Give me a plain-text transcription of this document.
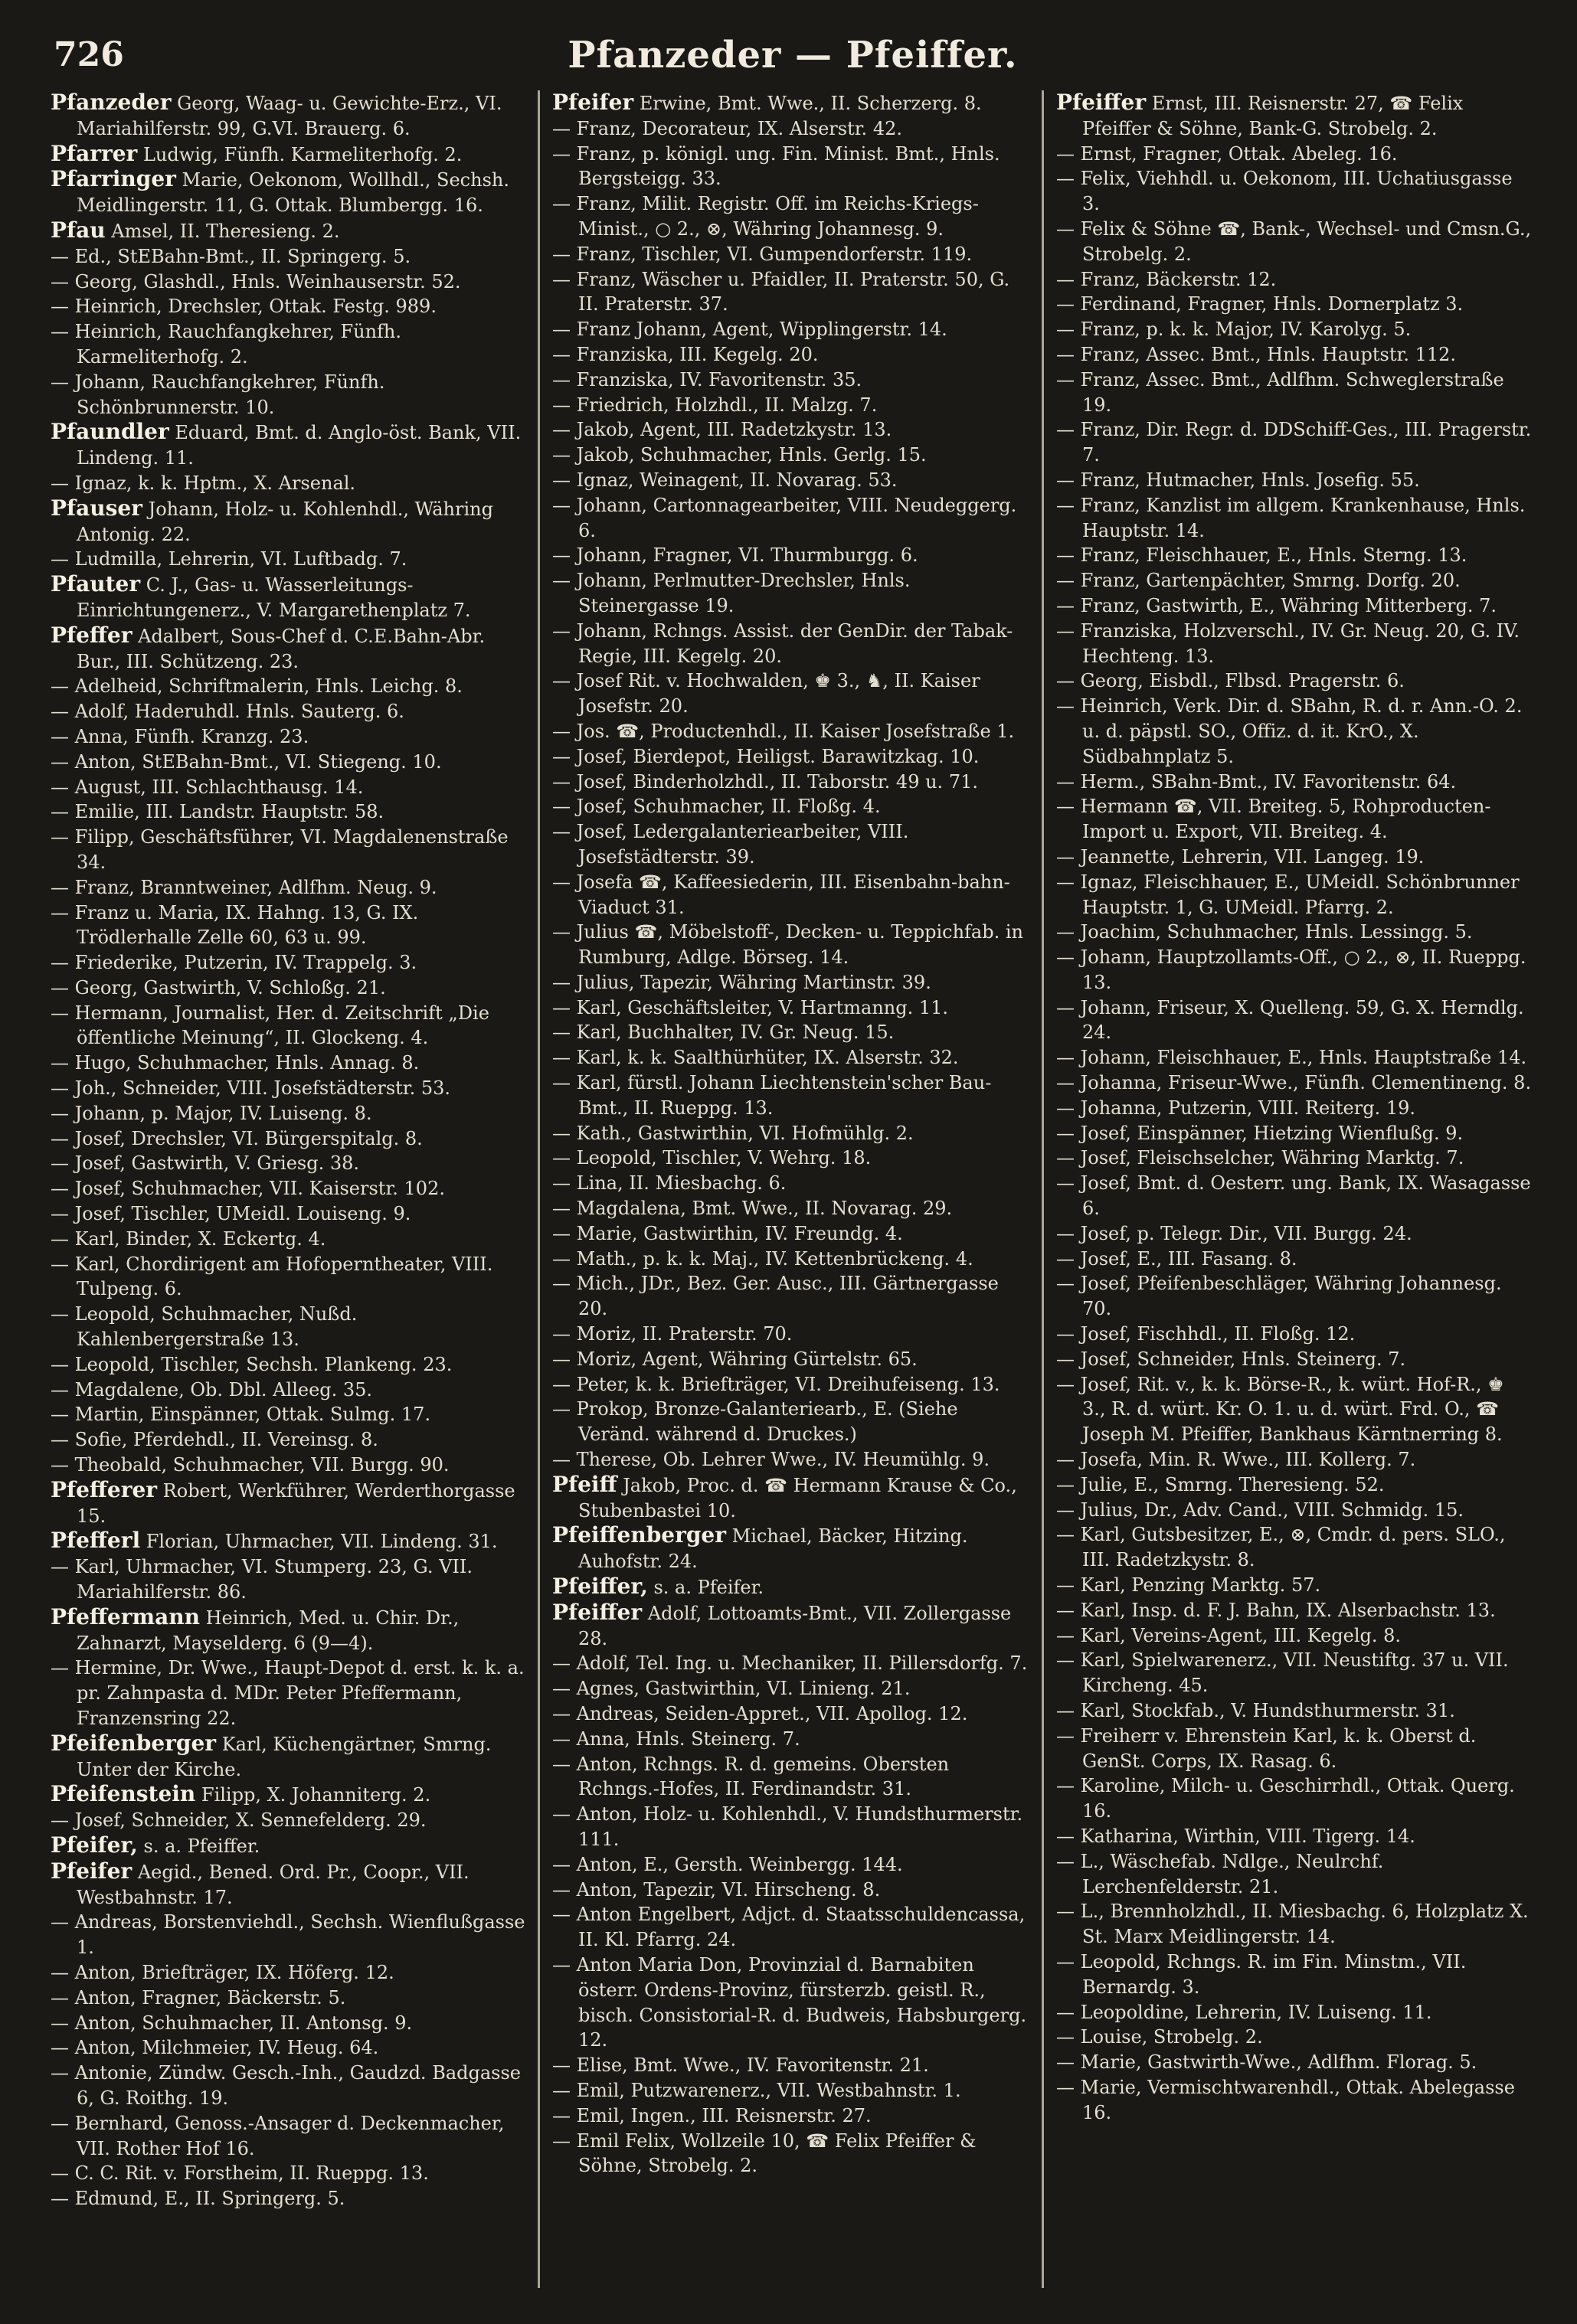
726	Pfanzeder — Pfeiffer.

Pfanzeder Georg, Waag- u. Gewichte-Erz., VI. Mariahilferstr. 99, G.VI. Brauerg. 6.

Pfarrer Ludwig, Fünfh. Karmeliterhofg. 2.

Pfarringer Marie, Oekonom, Wollhdl., Sechsh. Meidlingerstr. 11, G. Ottak. Blumbergg. 16.

Pfau Amsel, II. Theresieng. 2.

— Ed., StEBahn-Bmt., II. Springerg. 5.

— Georg, Glashdl., Hnls. Weinhauserstr. 52.

— Heinrich, Drechsler, Ottak. Festg. 989.

— Heinrich, Rauchfangkehrer, Fünfh. Karmeliterhofg. 2.

— Johann, Rauchfangkehrer, Fünfh. Schönbrunnerstr. 10.

Pfaundler Eduard, Bmt. d. Anglo-öst. Bank, VII. Lindeng. 11.

— Ignaz, k. k. Hptm., X. Arsenal.

Pfauser Johann, Holz- u. Kohlenhdl., Währing Antonig. 22.

— Ludmilla, Lehrerin, VI. Luftbadg. 7.

Pfauter C. J., Gas- u. Wasserleitungs-Einrichtungenerz., V. Margarethenplatz 7.

Pfeffer Adalbert, Sous-Chef d. C.E.Bahn-Abr. Bur., III. Schützeng. 23.

— Adelheid, Schriftmalerin, Hnls. Leichg. 8.

— Adolf, Haderuhdl. Hnls. Sauterg. 6.

— Anna, Fünfh. Kranzg. 23.

— Anton, StEBahn-Bmt., VI. Stiegeng. 10.

— August, III. Schlachthausg. 14.

— Emilie, III. Landstr. Hauptstr. 58.

— Filipp, Geschäftsführer, VI. Magdalenenstraße 34.

— Franz, Branntweiner, Adlfhm. Neug. 9.

— Franz u. Maria, IX. Hahng. 13, G. IX. Trödlerhalle Zelle 60, 63 u. 99.

— Friederike, Putzerin, IV. Trappelg. 3.

— Georg, Gastwirth, V. Schloßg. 21.

— Hermann, Journalist, Her. d. Zeitschrift „Die öffentliche Meinung“, II. Glockeng. 4.

— Hugo, Schuhmacher, Hnls. Annag. 8.

— Joh., Schneider, VIII. Josefstädterstr. 53.

— Johann, p. Major, IV. Luiseng. 8.

— Josef, Drechsler, VI. Bürgerspitalg. 8.

— Josef, Gastwirth, V. Griesg. 38.

— Josef, Schuhmacher, VII. Kaiserstr. 102.

— Josef, Tischler, UMeidl. Louiseng. 9.

— Karl, Binder, X. Eckertg. 4.

— Karl, Chordirigent am Hofoperntheater, VIII. Tulpeng. 6.

— Leopold, Schuhmacher, Nußd. Kahlenbergerstraße 13.

— Leopold, Tischler, Sechsh. Plankeng. 23.

— Magdalene, Ob. Dbl. Alleeg. 35.

— Martin, Einspänner, Ottak. Sulmg. 17.

— Sofie, Pferdehdl., II. Vereinsg. 8.

— Theobald, Schuhmacher, VII. Burgg. 90.

Pfefferer Robert, Werkführer, Werderthorgasse 15.

Pfefferl Florian, Uhrmacher, VII. Lindeng. 31.

— Karl, Uhrmacher, VI. Stumperg. 23, G. VII. Mariahilferstr. 86.

Pfeffermann Heinrich, Med. u. Chir. Dr., Zahnarzt, Mayselderg. 6 (9—4).

— Hermine, Dr. Wwe., Haupt-Depot d. erst. k. k. a. pr. Zahnpasta d. MDr. Peter Pfeffermann, Franzensring 22.

Pfeifenberger Karl, Küchengärtner, Smrng. Unter der Kirche.

Pfeifenstein Filipp, X. Johanniterg. 2.

— Josef, Schneider, X. Sennefelderg. 29.

Pfeifer, s. a. Pfeiffer.

Pfeifer Aegid., Bened. Ord. Pr., Coopr., VII. Westbahnstr. 17.

— Andreas, Borstenviehdl., Sechsh. Wienflußgasse 1.

— Anton, Briefträger, IX. Höferg. 12.

— Anton, Fragner, Bäckerstr. 5.

— Anton, Schuhmacher, II. Antonsg. 9.

— Anton, Milchmeier, IV. Heug. 64.

— Antonie, Zündw. Gesch.-Inh., Gaudzd. Badgasse 6, G. Roithg. 19.

— Bernhard, Genoss.-Ansager d. Deckenmacher, VII. Rother Hof 16.

— C. C. Rit. v. Forstheim, II. Rueppg. 13.

— Edmund, E., II. Springerg. 5.

Pfeifer Erwine, Bmt. Wwe., II. Scherzerg. 8.

— Franz, Decorateur, IX. Alserstr. 42.

— Franz, p. königl. ung. Fin. Minist. Bmt., Hnls. Bergsteigg. 33.

— Franz, Milit. Registr. Off. im Reichs-Kriegs-Minist., ○ 2., ⊗, Währing Johannesg. 9.

— Franz, Tischler, VI. Gumpendorferstr. 119.

— Franz, Wäscher u. Pfaidler, II. Praterstr. 50, G. II. Praterstr. 37.

— Franz Johann, Agent, Wipplingerstr. 14.

— Franziska, III. Kegelg. 20.

— Franziska, IV. Favoritenstr. 35.

— Friedrich, Holzhdl., II. Malzg. 7.

— Jakob, Agent, III. Radetzkystr. 13.

— Jakob, Schuhmacher, Hnls. Gerlg. 15.

— Ignaz, Weinagent, II. Novarag. 53.

— Johann, Cartonnagearbeiter, VIII. Neudeggerg. 6.

— Johann, Fragner, VI. Thurmburgg. 6.

— Johann, Perlmutter-Drechsler, Hnls. Steinergasse 19.

— Johann, Rchngs. Assist. der GenDir. der Tabak-Regie, III. Kegelg. 20.

— Josef Rit. v. Hochwalden, ♚ 3., ♞, II. Kaiser Josefstr. 20.

— Jos. ☎, Productenhdl., II. Kaiser Josefstraße 1.

— Josef, Bierdepot, Heiligst. Barawitzkag. 10.

— Josef, Binderholzhdl., II. Taborstr. 49 u. 71.

— Josef, Schuhmacher, II. Floßg. 4.

— Josef, Ledergalanteriearbeiter, VIII. Josefstädterstr. 39.

— Josefa ☎, Kaffeesiederin, III. Eisenbahn-bahn-Viaduct 31.

— Julius ☎, Möbelstoff-, Decken- u. Teppichfab. in Rumburg, Adlge. Börseg. 14.

— Julius, Tapezir, Währing Martinstr. 39.

— Karl, Geschäftsleiter, V. Hartmanng. 11.

— Karl, Buchhalter, IV. Gr. Neug. 15.

— Karl, k. k. Saalthürhüter, IX. Alserstr. 32.

— Karl, fürstl. Johann Liechtenstein'scher Bau-Bmt., II. Rueppg. 13.

— Kath., Gastwirthin, VI. Hofmühlg. 2.

— Leopold, Tischler, V. Wehrg. 18.

— Lina, II. Miesbachg. 6.

— Magdalena, Bmt. Wwe., II. Novarag. 29.

— Marie, Gastwirthin, IV. Freundg. 4.

— Math., p. k. k. Maj., IV. Kettenbrückeng. 4.

— Mich., JDr., Bez. Ger. Ausc., III. Gärtnergasse 20.

— Moriz, II. Praterstr. 70.

— Moriz, Agent, Währing Gürtelstr. 65.

— Peter, k. k. Briefträger, VI. Dreihufeiseng. 13.

— Prokop, Bronze-Galanteriearb., E. (Siehe Veränd. während d. Druckes.)

— Therese, Ob. Lehrer Wwe., IV. Heumühlg. 9.

Pfeiff Jakob, Proc. d. ☎ Hermann Krause & Co., Stubenbastei 10.

Pfeiffenberger Michael, Bäcker, Hitzing. Auhofstr. 24.

Pfeiffer, s. a. Pfeifer.

Pfeiffer Adolf, Lottoamts-Bmt., VII. Zollergasse 28.

— Adolf, Tel. Ing. u. Mechaniker, II. Pillersdorfg. 7.

— Agnes, Gastwirthin, VI. Linieng. 21.

— Andreas, Seiden-Appret., VII. Apollog. 12.

— Anna, Hnls. Steinerg. 7.

— Anton, Rchngs. R. d. gemeins. Obersten Rchngs.-Hofes, II. Ferdinandstr. 31.

— Anton, Holz- u. Kohlenhdl., V. Hundsthurmerstr. 111.

— Anton, E., Gersth. Weinbergg. 144.

— Anton, Tapezir, VI. Hirscheng. 8.

— Anton Engelbert, Adjct. d. Staatsschuldencassa, II. Kl. Pfarrg. 24.

— Anton Maria Don, Provinzial d. Barnabiten österr. Ordens-Provinz, fürsterzb. geistl. R., bisch. Consistorial-R. d. Budweis, Habsburgerg. 12.

— Elise, Bmt. Wwe., IV. Favoritenstr. 21.

— Emil, Putzwarenerz., VII. Westbahnstr. 1.

— Emil, Ingen., III. Reisnerstr. 27.

— Emil Felix, Wollzeile 10, ☎ Felix Pfeiffer & Söhne, Strobelg. 2.

Pfeiffer Ernst, III. Reisnerstr. 27, ☎ Felix Pfeiffer & Söhne, Bank-G. Strobelg. 2.

— Ernst, Fragner, Ottak. Abeleg. 16.

— Felix, Viehhdl. u. Oekonom, III. Uchatiusgasse 3.

— Felix & Söhne ☎, Bank-, Wechsel- und Cmsn.G., Strobelg. 2.

— Franz, Bäckerstr. 12.

— Ferdinand, Fragner, Hnls. Dornerplatz 3.

— Franz, p. k. k. Major, IV. Karolyg. 5.

— Franz, Assec. Bmt., Hnls. Hauptstr. 112.

— Franz, Assec. Bmt., Adlfhm. Schweglerstraße 19.

— Franz, Dir. Regr. d. DDSchiff-Ges., III. Pragerstr. 7.

— Franz, Hutmacher, Hnls. Josefig. 55.

— Franz, Kanzlist im allgem. Krankenhause, Hnls. Hauptstr. 14.

— Franz, Fleischhauer, E., Hnls. Sterng. 13.

— Franz, Gartenpächter, Smrng. Dorfg. 20.

— Franz, Gastwirth, E., Währing Mitterberg. 7.

— Franziska, Holzverschl., IV. Gr. Neug. 20, G. IV. Hechteng. 13.

— Georg, Eisbdl., Flbsd. Pragerstr. 6.

— Heinrich, Verk. Dir. d. SBahn, R. d. r. Ann.-O. 2. u. d. päpstl. SO., Offiz. d. it. KrO., X. Südbahnplatz 5.

— Herm., SBahn-Bmt., IV. Favoritenstr. 64.

— Hermann ☎, VII. Breiteg. 5, Rohproducten-Import u. Export, VII. Breiteg. 4.

— Jeannette, Lehrerin, VII. Langeg. 19.

— Ignaz, Fleischhauer, E., UMeidl. Schönbrunner Hauptstr. 1, G. UMeidl. Pfarrg. 2.

— Joachim, Schuhmacher, Hnls. Lessingg. 5.

— Johann, Hauptzollamts-Off., ○ 2., ⊗, II. Rueppg. 13.

— Johann, Friseur, X. Quelleng. 59, G. X. Herndlg. 24.

— Johann, Fleischhauer, E., Hnls. Hauptstraße 14.

— Johanna, Friseur-Wwe., Fünfh. Clementineng. 8.

— Johanna, Putzerin, VIII. Reiterg. 19.

— Josef, Einspänner, Hietzing Wienflußg. 9.

— Josef, Fleischselcher, Währing Marktg. 7.

— Josef, Bmt. d. Oesterr. ung. Bank, IX. Wasagasse 6.

— Josef, p. Telegr. Dir., VII. Burgg. 24.

— Josef, E., III. Fasang. 8.

— Josef, Pfeifenbeschläger, Währing Johannesg. 70.

— Josef, Fischhdl., II. Floßg. 12.

— Josef, Schneider, Hnls. Steinerg. 7.

— Josef, Rit. v., k. k. Börse-R., k. würt. Hof-R., ♚ 3., R. d. würt. Kr. O. 1. u. d. würt. Frd. O., ☎ Joseph M. Pfeiffer, Bankhaus Kärntnerring 8.

— Josefa, Min. R. Wwe., III. Kollerg. 7.

— Julie, E., Smrng. Theresieng. 52.

— Julius, Dr., Adv. Cand., VIII. Schmidg. 15.

— Karl, Gutsbesitzer, E., ⊗, Cmdr. d. pers. SLO., III. Radetzkystr. 8.

— Karl, Penzing Marktg. 57.

— Karl, Insp. d. F. J. Bahn, IX. Alserbachstr. 13.

— Karl, Vereins-Agent, III. Kegelg. 8.

— Karl, Spielwarenerz., VII. Neustiftg. 37 u. VII. Kircheng. 45.

— Karl, Stockfab., V. Hundsthurmerstr. 31.

— Freiherr v. Ehrenstein Karl, k. k. Oberst d. GenSt. Corps, IX. Rasag. 6.

— Karoline, Milch- u. Geschirrhdl., Ottak. Querg. 16.

— Katharina, Wirthin, VIII. Tigerg. 14.

— L., Wäschefab. Ndlge., Neulrchf. Lerchenfelderstr. 21.

— L., Brennholzhdl., II. Miesbachg. 6, Holzplatz X. St. Marx Meidlingerstr. 14.

— Leopold, Rchngs. R. im Fin. Minstm., VII. Bernardg. 3.

— Leopoldine, Lehrerin, IV. Luiseng. 11.

— Louise, Strobelg. 2.

— Marie, Gastwirth-Wwe., Adlfhm. Florag. 5.

— Marie, Vermischtwarenhdl., Ottak. Abelegasse 16.
